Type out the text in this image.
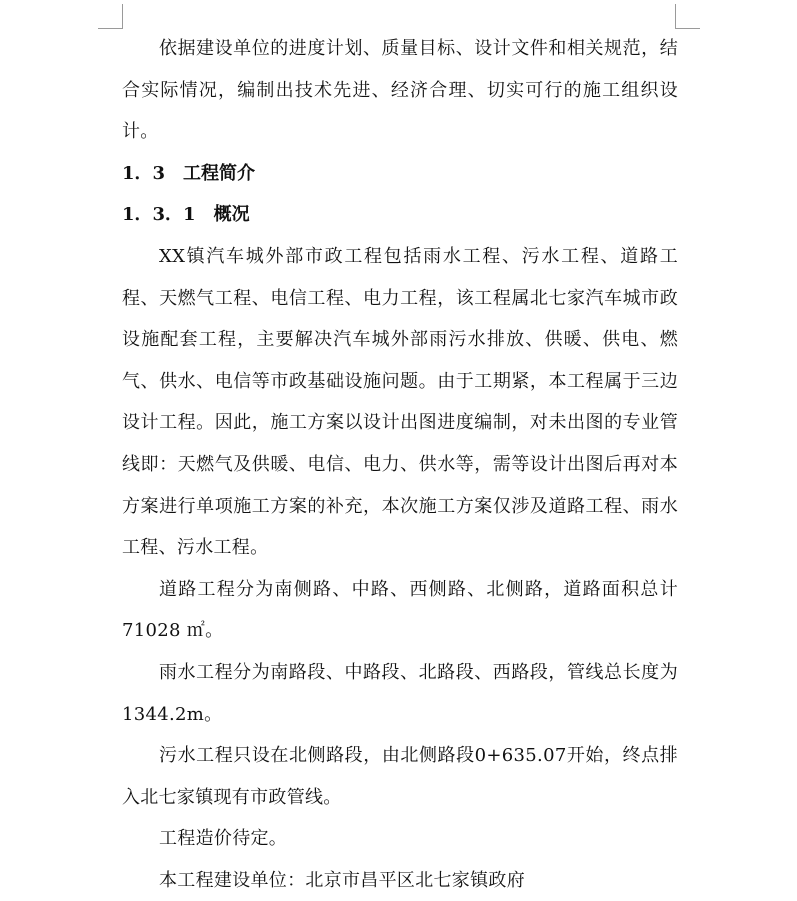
依据建设单位的进度计划、质量目标、设计文件和相关规范，结合实际情况，编制出技术先进、经济合理、切实可行的施工组织设计。

1．3　工程简介

1．3．1　概况

XX镇汽车城外部市政工程包括雨水工程、污水工程、道路工程、天燃气工程、电信工程、电力工程，该工程属北七家汽车城市政设施配套工程，主要解决汽车城外部雨污水排放、供暖、供电、燃气、供水、电信等市政基础设施问题。由于工期紧，本工程属于三边设计工程。因此，施工方案以设计出图进度编制，对未出图的专业管线即：天燃气及供暖、电信、电力、供水等，需等设计出图后再对本方案进行单项施工方案的补充，本次施工方案仅涉及道路工程、雨水工程、污水工程。

道路工程分为南侧路、中路、西侧路、北侧路，道路面积总计71028 ㎡。

雨水工程分为南路段、中路段、北路段、西路段，管线总长度为1344.2m。

污水工程只设在北侧路段，由北侧路段0+635.07开始，终点排入北七家镇现有市政管线。

工程造价待定。

本工程建设单位：北京市昌平区北七家镇政府
